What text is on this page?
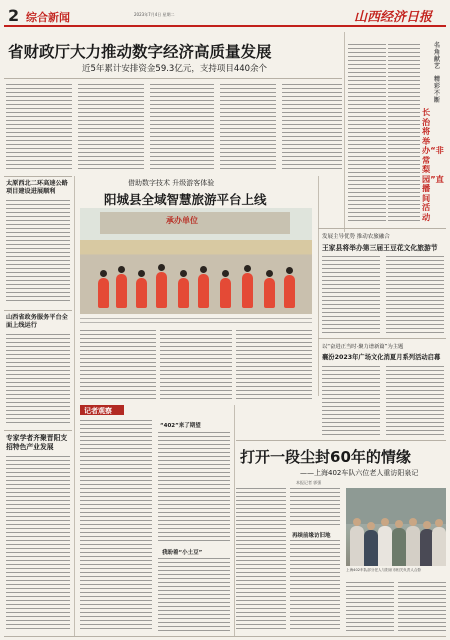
2 综合新闻	2023年7月4日 星期二	山西经济日报
省财政厅大力推动数字经济高质量发展
近5年累计安排资金59.3亿元，支持项目440余个
太原西北二环高速公路项目建设进展顺利
山西省政务服务平台全面上线运行
专家学者齐聚晋阳支招特色产业发展
借助数字技术 升级游客体验
阳城县全域智慧旅游平台上线
承办单位
记者观察
“402”来了期望
我盼着“小土豆”
名角献艺
精彩不断
长治将举办“非常梨园”直播间活动
发展主导优势 推动农旅融合
王家县将举办第三届王豆花文化旅游节
以“奋进正当时·聚力谱新篇”为主题
襄汾2023年广场文化消夏月系列活动启幕
打开一段尘封60年的情缘
——上海402车队六位老人重访阳泉记
本报记者 郭强
再续前缘访旧地
上海402车队部分老人与阳泉市相关负责人合影
